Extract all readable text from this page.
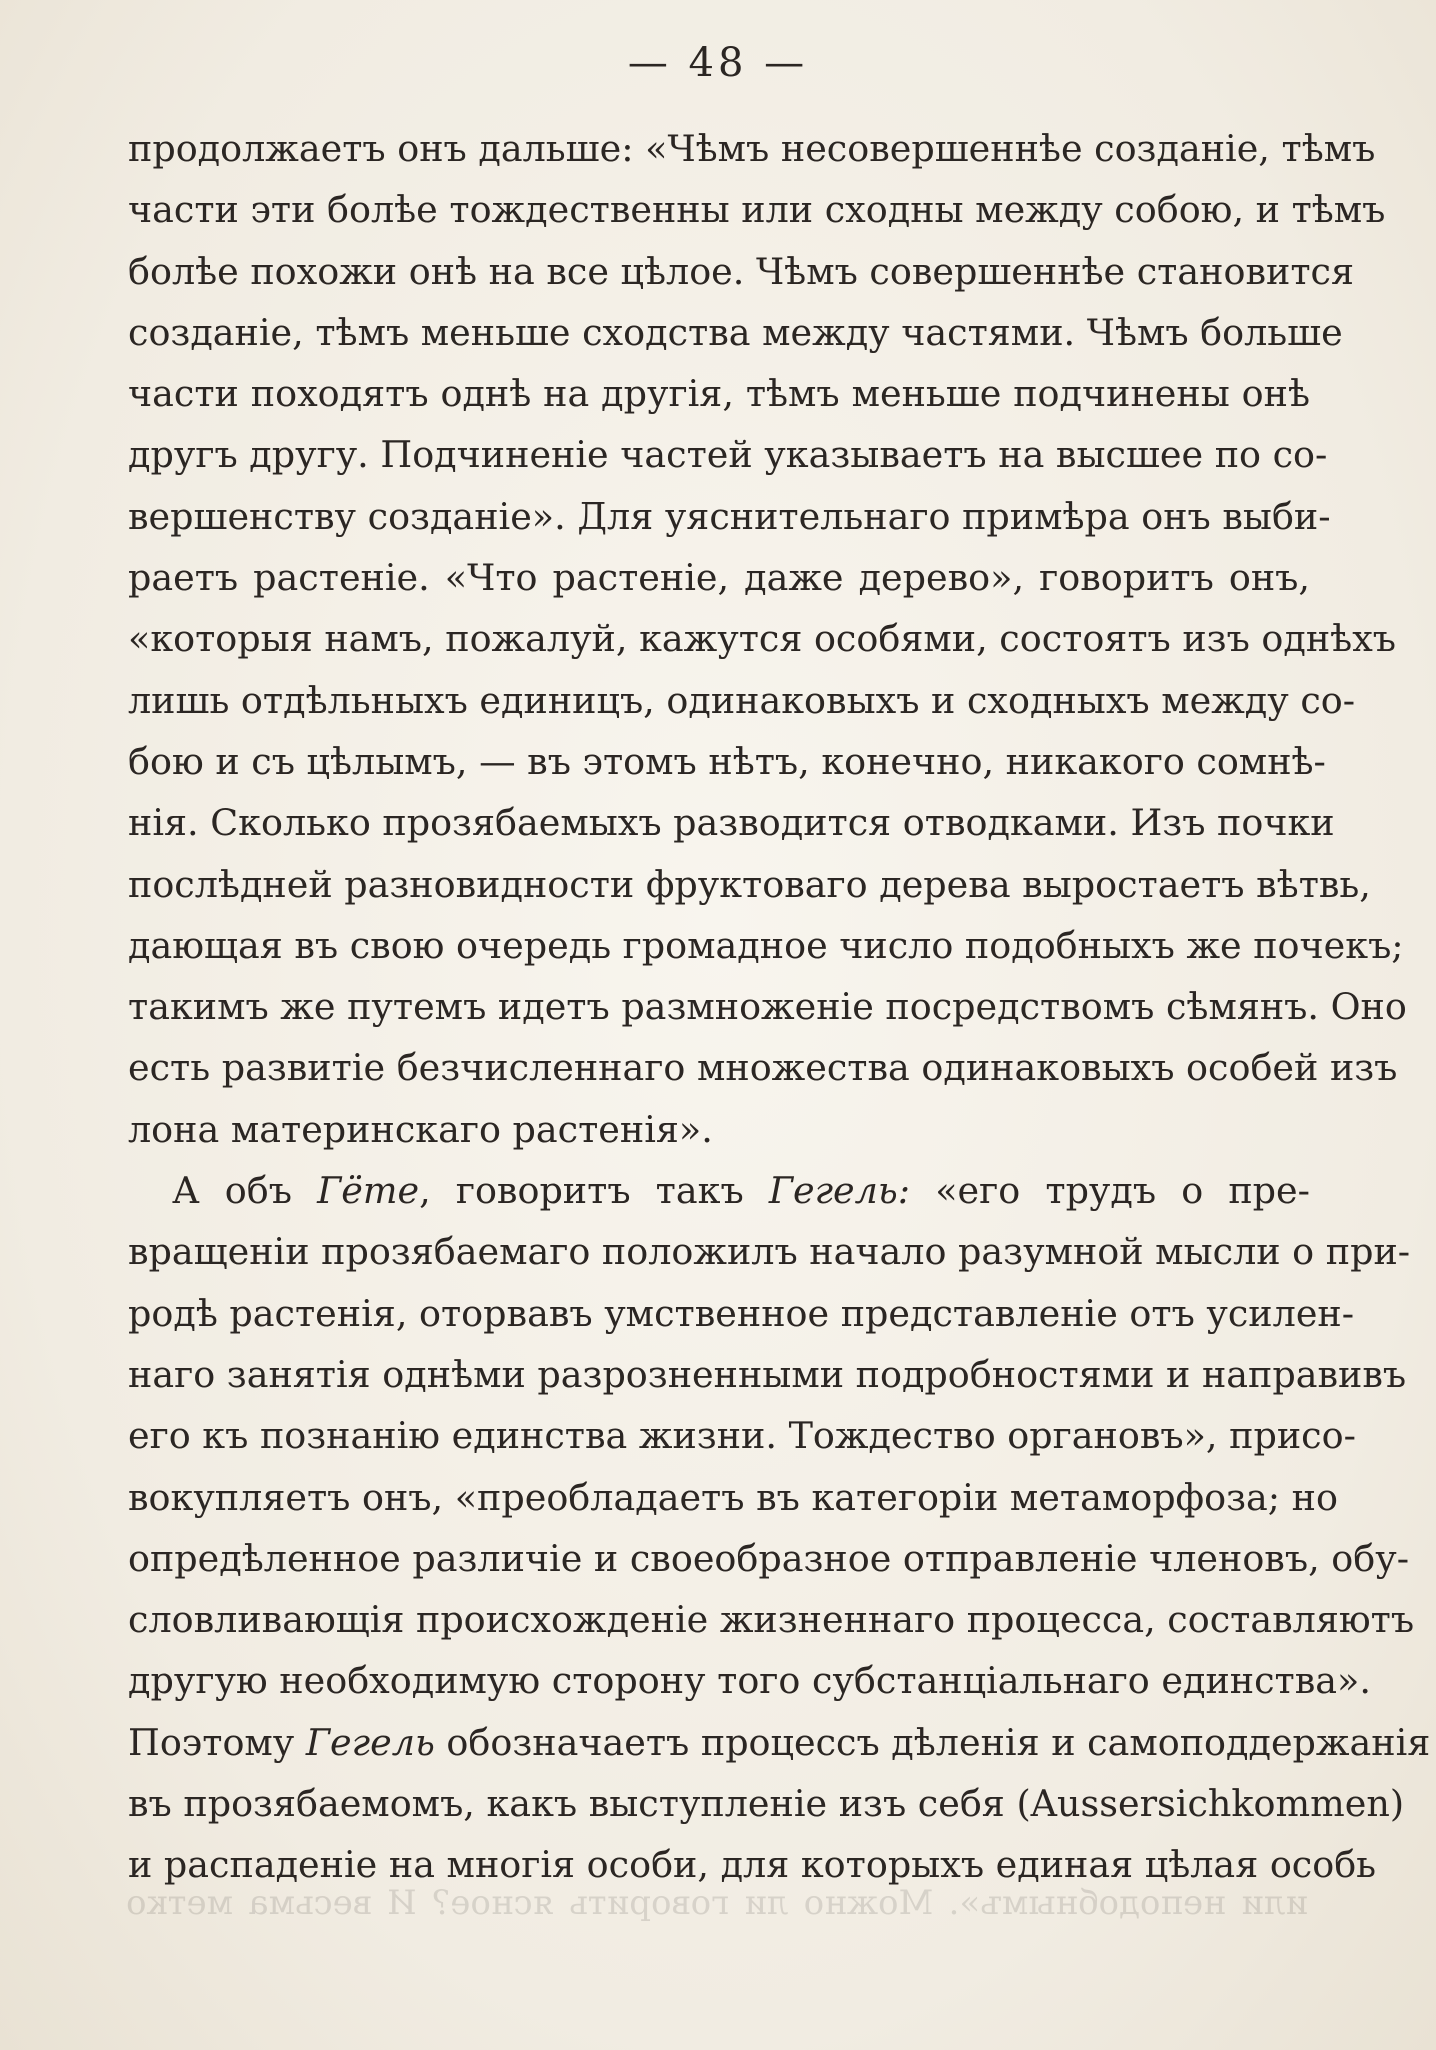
— 48 —
продолжаетъ онъ дальше: «Чѣмъ несовершеннѣе созданіе, тѣмъ
части эти болѣе тождественны или сходны между собою, и тѣмъ
болѣе похожи онѣ на все цѣлое. Чѣмъ совершеннѣе становится
созданіе, тѣмъ меньше сходства между частями. Чѣмъ больше
части походятъ однѣ на другія, тѣмъ меньше подчинены онѣ
другъ другу. Подчиненіе частей указываетъ на высшее по со-
вершенству созданіе». Для уяснительнаго примѣра онъ выби-
раетъ растеніе. «Что растеніе, даже дерево», говоритъ онъ,
«которыя намъ, пожалуй, кажутся особями, состоятъ изъ однѣхъ
лишь отдѣльныхъ единицъ, одинаковыхъ и сходныхъ между со-
бою и съ цѣлымъ, — въ этомъ нѣтъ, конечно, никакого сомнѣ-
нія. Сколько прозябаемыхъ разводится отводками. Изъ почки
послѣдней разновидности фруктоваго дерева выростаетъ вѣтвь,
дающая въ свою очередь громадное число подобныхъ же почекъ;
такимъ же путемъ идетъ размноженіе посредствомъ сѣмянъ. Оно
есть развитіе безчисленнаго множества одинаковыхъ особей изъ
лона материнскаго растенія».
А объ Гёте, говоритъ такъ Гегель: «его трудъ о пре-
вращеніи прозябаемаго положилъ начало разумной мысли о при-
родѣ растенія, оторвавъ умственное представленіе отъ усилен-
наго занятія однѣми разрозненными подробностями и направивъ
его къ познанію единства жизни. Тождество органовъ», присо-
вокупляетъ онъ, «преобладаетъ въ категоріи метаморфоза; но
опредѣленное различіе и своеобразное отправленіе членовъ, обу-
словливающія происхожденіе жизненнаго процесса, составляютъ
другую необходимую сторону того субстанціальнаго единства».
Поэтому Гегель обозначаетъ процессъ дѣленія и самоподдержанія
въ прозябаемомъ, какъ выступленіе изъ себя (Aussersichkommen)
и распаденіе на многія особи, для которыхъ единая цѣлая особь
или неподобнымъ». Можно ли говорить ясное? И весьма метко
